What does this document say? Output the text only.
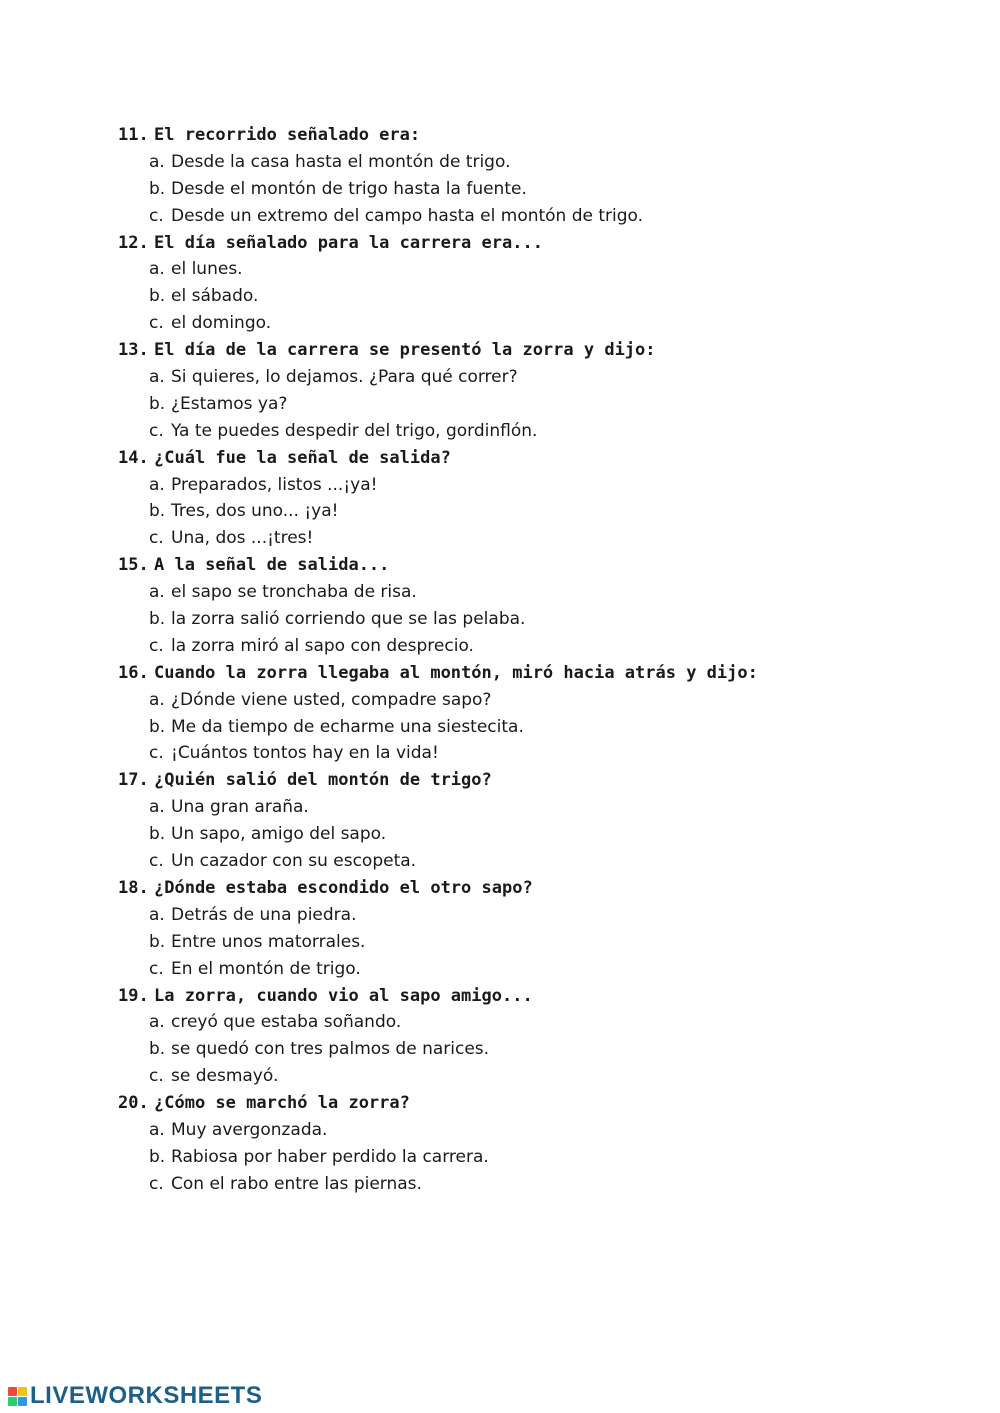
11. El recorrido señalado era:
a. Desde la casa hasta el montón de trigo.
b. Desde el montón de trigo hasta la fuente.
c. Desde un extremo del campo hasta el montón de trigo.
12. El día señalado para la carrera era...
a. el lunes.
b. el sábado.
c. el domingo.
13. El día de la carrera se presentó la zorra y dijo:
a. Si quieres, lo dejamos. ¿Para qué correr?
b. ¿Estamos ya?
c. Ya te puedes despedir del trigo, gordinflón.
14. ¿Cuál fue la señal de salida?
a. Preparados, listos ...¡ya!
b. Tres, dos uno... ¡ya!
c. Una, dos ...¡tres!
15. A la señal de salida...
a. el sapo se tronchaba de risa.
b. la zorra salió corriendo que se las pelaba.
c. la zorra miró al sapo con desprecio.
16. Cuando la zorra llegaba al montón, miró hacia atrás y dijo:
a. ¿Dónde viene usted, compadre sapo?
b. Me da tiempo de echarme una siestecita.
c. ¡Cuántos tontos hay en la vida!
17. ¿Quién salió del montón de trigo?
a. Una gran araña.
b. Un sapo, amigo del sapo.
c. Un cazador con su escopeta.
18. ¿Dónde estaba escondido el otro sapo?
a. Detrás de una piedra.
b. Entre unos matorrales.
c. En el montón de trigo.
19. La zorra, cuando vio al sapo amigo...
a. creyó que estaba soñando.
b. se quedó con tres palmos de narices.
c. se desmayó.
20. ¿Cómo se marchó la zorra?
a. Muy avergonzada.
b. Rabiosa por haber perdido la carrera.
c. Con el rabo entre las piernas.
LIVEWORKSHEETS
